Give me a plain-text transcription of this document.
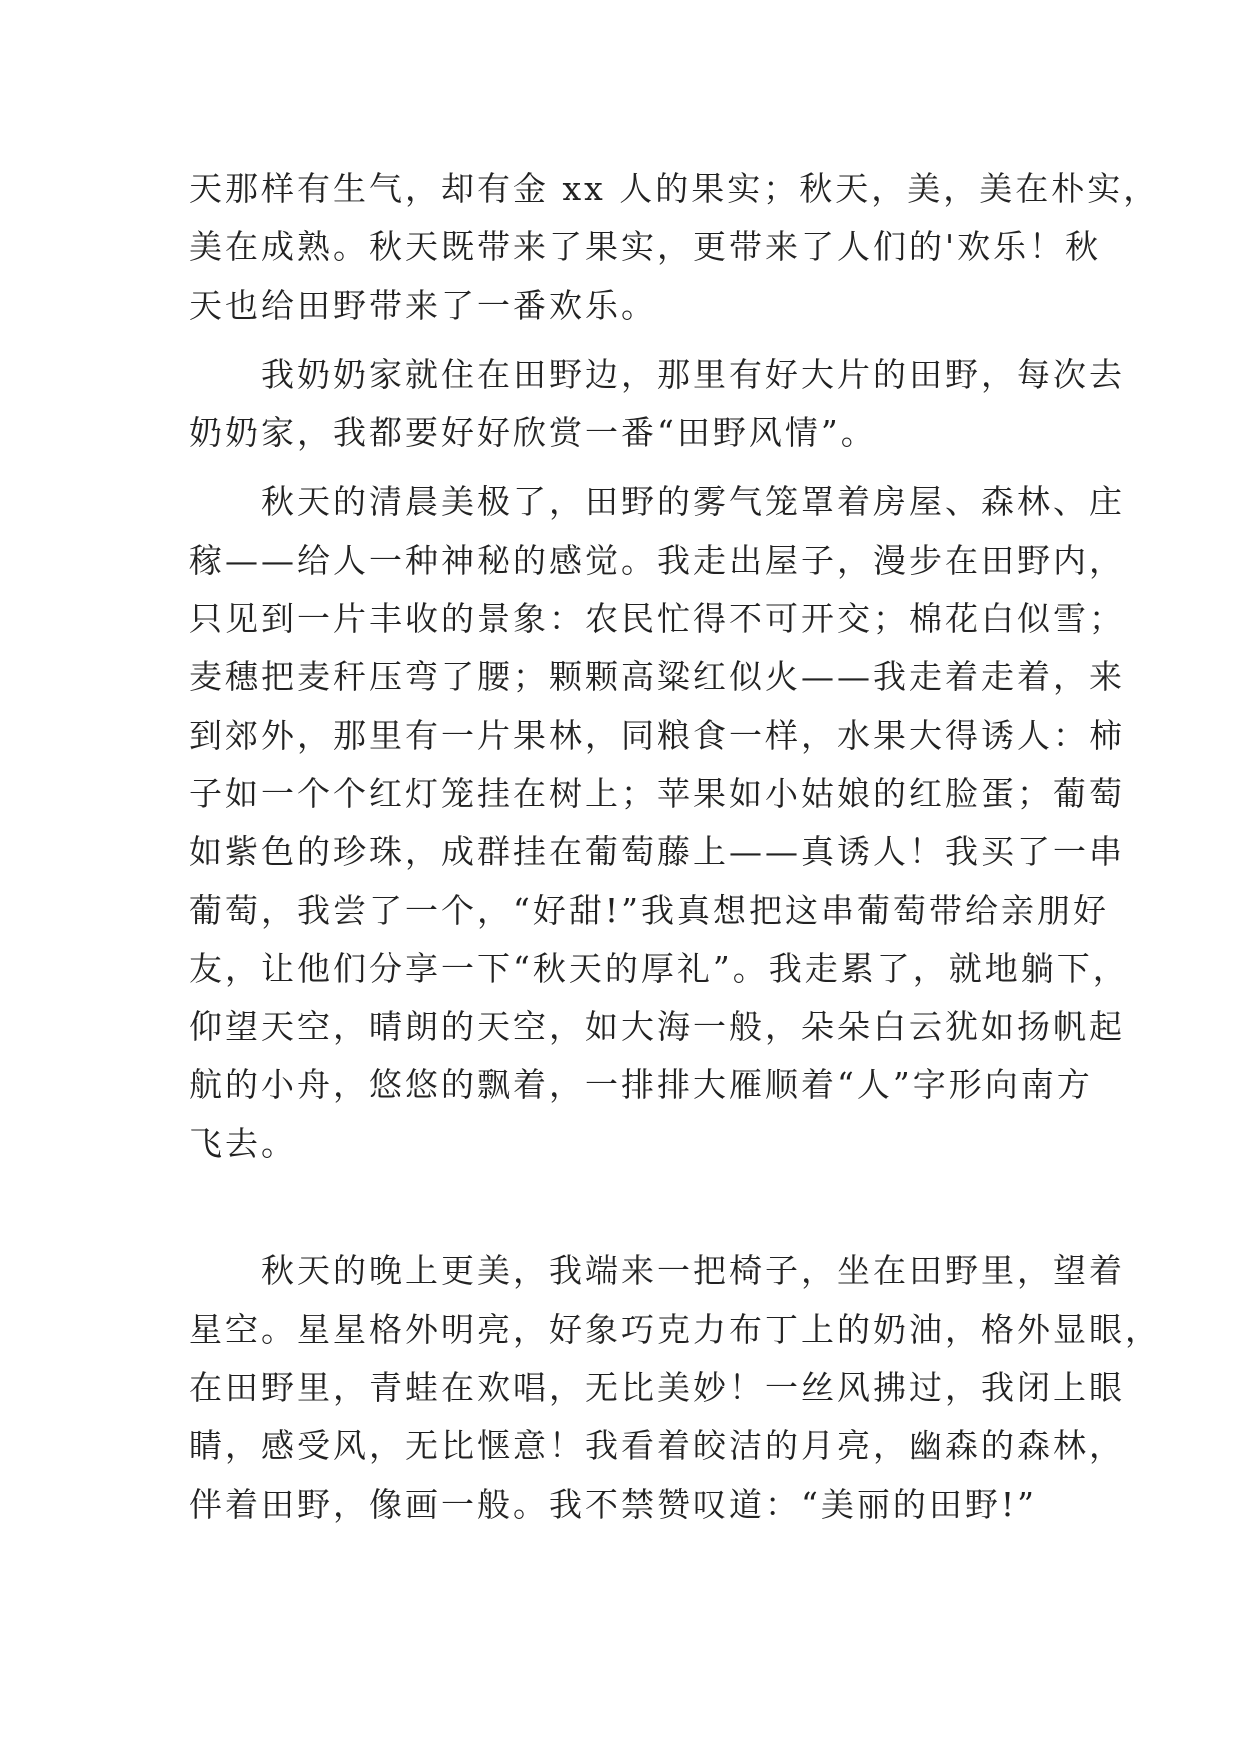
天那样有生气，却有金 xx 人的果实；秋天，美，美在朴实，
美在成熟。秋天既带来了果实，更带来了人们的'欢乐！秋
天也给田野带来了一番欢乐。
我奶奶家就住在田野边，那里有好大片的田野，每次去
奶奶家，我都要好好欣赏一番“田野风情”。
秋天的清晨美极了，田野的雾气笼罩着房屋、森林、庄
稼——给人一种神秘的感觉。我走出屋子，漫步在田野内，
只见到一片丰收的景象：农民忙得不可开交；棉花白似雪；
麦穗把麦秆压弯了腰；颗颗高粱红似火——我走着走着，来
到郊外，那里有一片果林，同粮食一样，水果大得诱人：柿
子如一个个红灯笼挂在树上；苹果如小姑娘的红脸蛋；葡萄
如紫色的珍珠，成群挂在葡萄藤上——真诱人！我买了一串
葡萄，我尝了一个，“好甜!”我真想把这串葡萄带给亲朋好
友，让他们分享一下“秋天的厚礼”。我走累了，就地躺下，
仰望天空，晴朗的天空，如大海一般，朵朵白云犹如扬帆起
航的小舟，悠悠的飘着，一排排大雁顺着“人”字形向南方
飞去。
秋天的晚上更美，我端来一把椅子，坐在田野里，望着
星空。星星格外明亮，好象巧克力布丁上的奶油，格外显眼，
在田野里，青蛙在欢唱，无比美妙！一丝风拂过，我闭上眼
睛，感受风，无比惬意！我看着皎洁的月亮，幽森的森林，
伴着田野，像画一般。我不禁赞叹道：“美丽的田野!”
